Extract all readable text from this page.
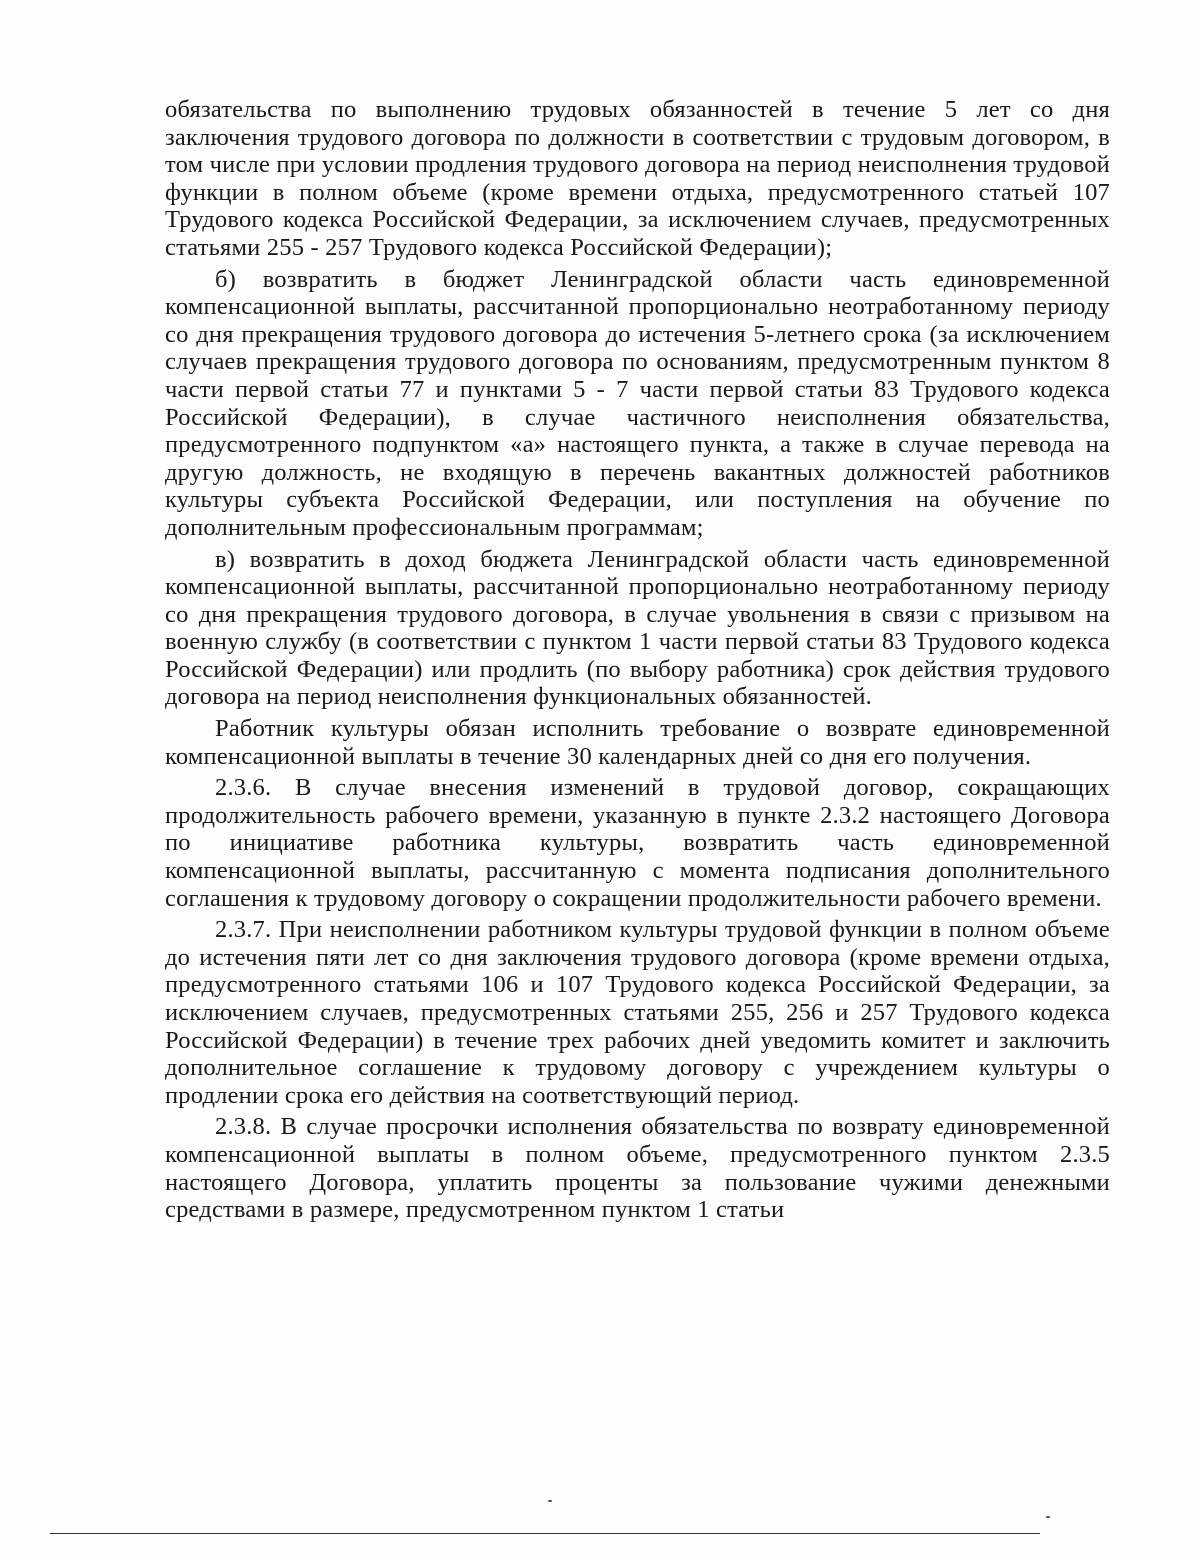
обязательства по выполнению трудовых обязанностей в течение 5 лет со дня заключения трудового договора по должности в соответствии с трудовым договором, в том числе при условии продления трудового договора на период неисполнения трудовой функции в полном объеме (кроме времени отдыха, предусмотренного статьей 107 Трудового кодекса Российской Федерации, за исключением случаев, предусмотренных статьями 255 - 257 Трудового кодекса Российской Федерации);

б) возвратить в бюджет Ленинградской области часть единовременной компенсационной выплаты, рассчитанной пропорционально неотработанному периоду со дня прекращения трудового договора до истечения 5-летнего срока (за исключением случаев прекращения трудового договора по основаниям, предусмотренным пунктом 8 части первой статьи 77 и пунктами 5 - 7 части первой статьи 83 Трудового кодекса Российской Федерации), в случае частичного неисполнения обязательства, предусмотренного подпунктом «а» настоящего пункта, а также в случае перевода на другую должность, не входящую в перечень вакантных должностей работников культуры субъекта Российской Федерации, или поступления на обучение по дополнительным профессиональным программам;

в) возвратить в доход бюджета Ленинградской области часть единовременной компенсационной выплаты, рассчитанной пропорционально неотработанному периоду со дня прекращения трудового договора, в случае увольнения в связи с призывом на военную службу (в соответствии с пунктом 1 части первой статьи 83 Трудового кодекса Российской Федерации) или продлить (по выбору работника) срок действия трудового договора на период неисполнения функциональных обязанностей.

Работник культуры обязан исполнить требование о возврате единовременной компенсационной выплаты в течение 30 календарных дней со дня его получения.

2.3.6. В случае внесения изменений в трудовой договор, сокращающих продолжительность рабочего времени, указанную в пункте 2.3.2 настоящего Договора по инициативе работника культуры, возвратить часть единовременной компенсационной выплаты, рассчитанную с момента подписания дополнительного соглашения к трудовому договору о сокращении продолжительности рабочего времени.

2.3.7. При неисполнении работником культуры трудовой функции в полном объеме до истечения пяти лет со дня заключения трудового договора (кроме времени отдыха, предусмотренного статьями 106 и 107 Трудового кодекса Российской Федерации, за исключением случаев, предусмотренных статьями 255, 256 и 257 Трудового кодекса Российской Федерации) в течение трех рабочих дней уведомить комитет и заключить дополнительное соглашение к трудовому договору с учреждением культуры о продлении срока его действия на соответствующий период.

2.3.8. В случае просрочки исполнения обязательства по возврату единовременной компенсационной выплаты в полном объеме, предусмотренного пунктом 2.3.5 настоящего Договора, уплатить проценты за пользование чужими денежными средствами в размере, предусмотренном пунктом 1 статьи
